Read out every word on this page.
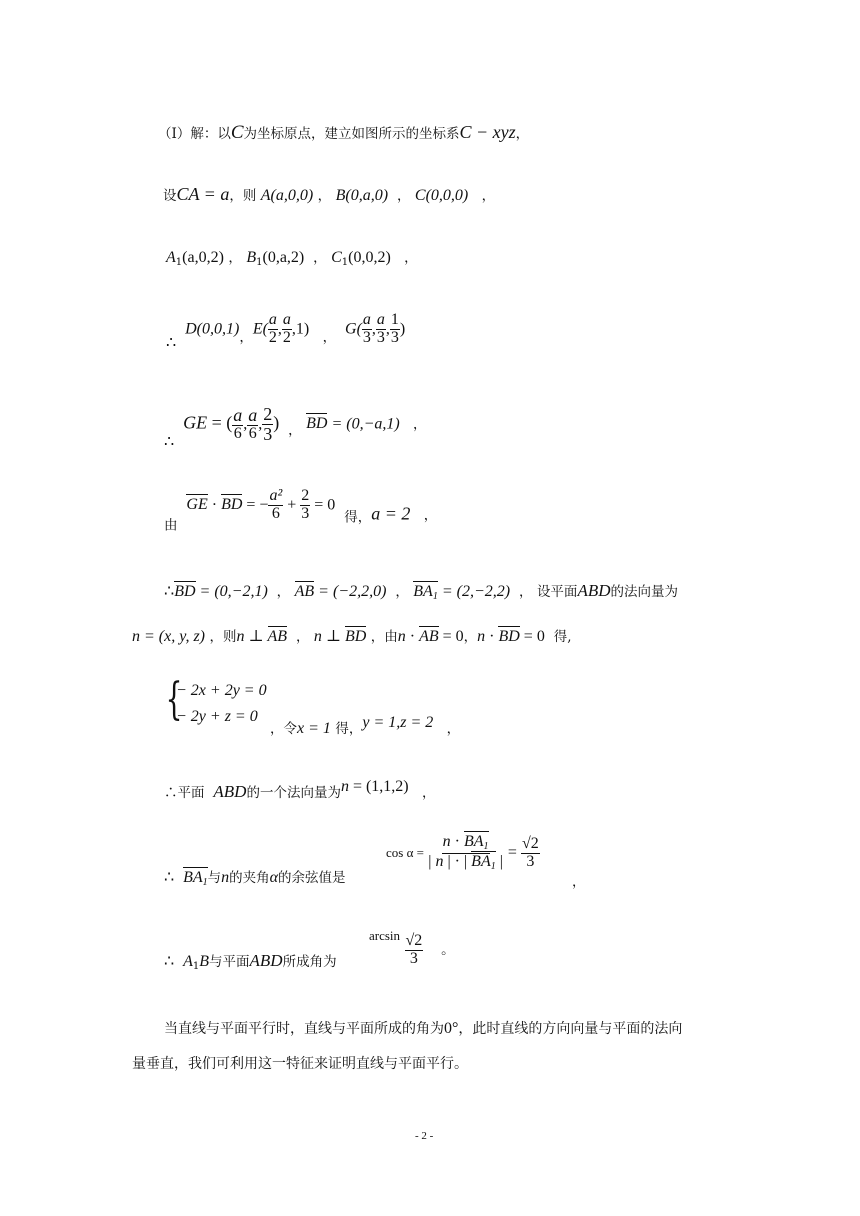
（Ⅰ）解：以C为坐标原点，建立如图所示的坐标系C − xyz，
设CA = a，则 A(a,0,0) ， B(0,a,0) ， C(0,0,0) ，
$A_1(a,0,2)$ ， $B_1(0,a,2)$ ， $C_1(0,0,2)$ ，
∴  D(0,0,1)，$E( \frac{a}{2}$ , $\frac{a}{2} ,1$) ， $G( \frac{a}{3}$ , $\frac{a}{3}$ , $\frac{1}{3}$ )
∴  GE = ( $\frac{a}{6}$ , $\frac{a}{6}$ , $\frac{2}{3}$ ) ， BD = (0,−a,1) ，
由  GE · BD = − $\frac{\text{a²}}{6} + \frac{2}{3} = 0$  得，a = 2 ，
∴BD = (0,−2,1) ， AB = (−2,2,0) ， $BA_1 = (2,-2,2)$ ， 设平面ABD的法向量为
n = (x, y, z) ，则n ⊥ AB ， n ⊥ BD ，由n · AB = 0，n · BD = 0 得,
{
− 2x + 2y = 0
− 2y + z = 0
，令x = 1 得，y = 1,z = 2 ，
∴平面 ABD的一个法向量为n = (1,1,2) ，
∴ $BA_1$与n的夹角α的余弦值是
$\cos \alpha = \frac{n \cdot BA_1}{| n | \cdot | BA_1 |} = \frac{√2}{3}$
，
∴ $A_1B$与平面ABD所成角为
$\arcsin \frac{√2}{3}$ 。
当直线与平面平行时，直线与平面所成的角为0°，此时直线的方向向量与平面的法向
量垂直，我们可利用这一特征来证明直线与平面平行。
- 2 -
